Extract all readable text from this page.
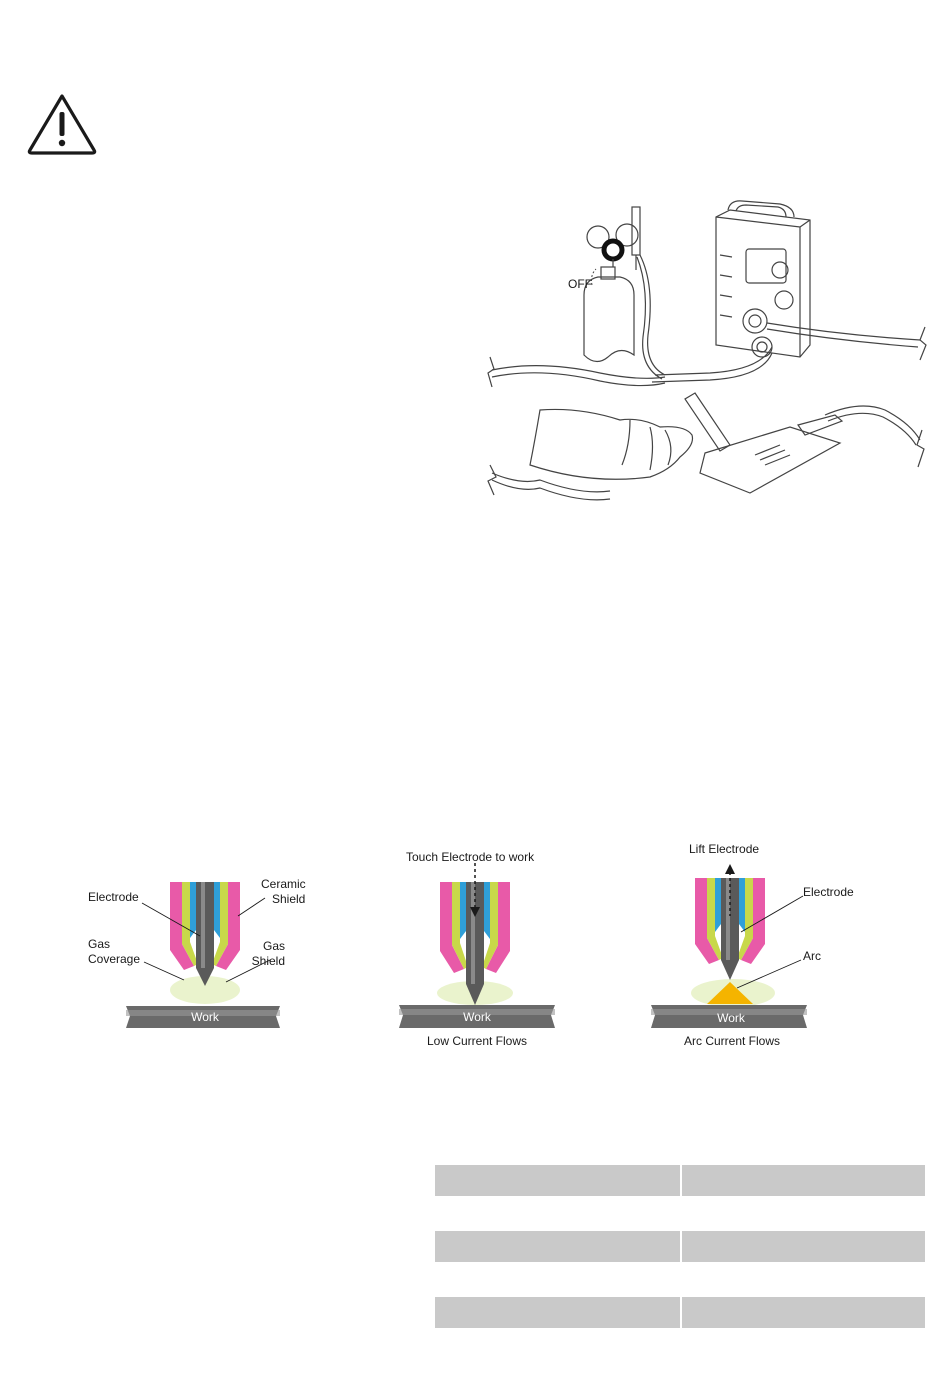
OFF
Work
Electrode
Ceramic
Shield
Gas
Coverage
Gas
Shield
Work
Touch Electrode to work
Low Current Flows
Work
Lift Electrode
Electrode
Arc
Arc Current Flows
